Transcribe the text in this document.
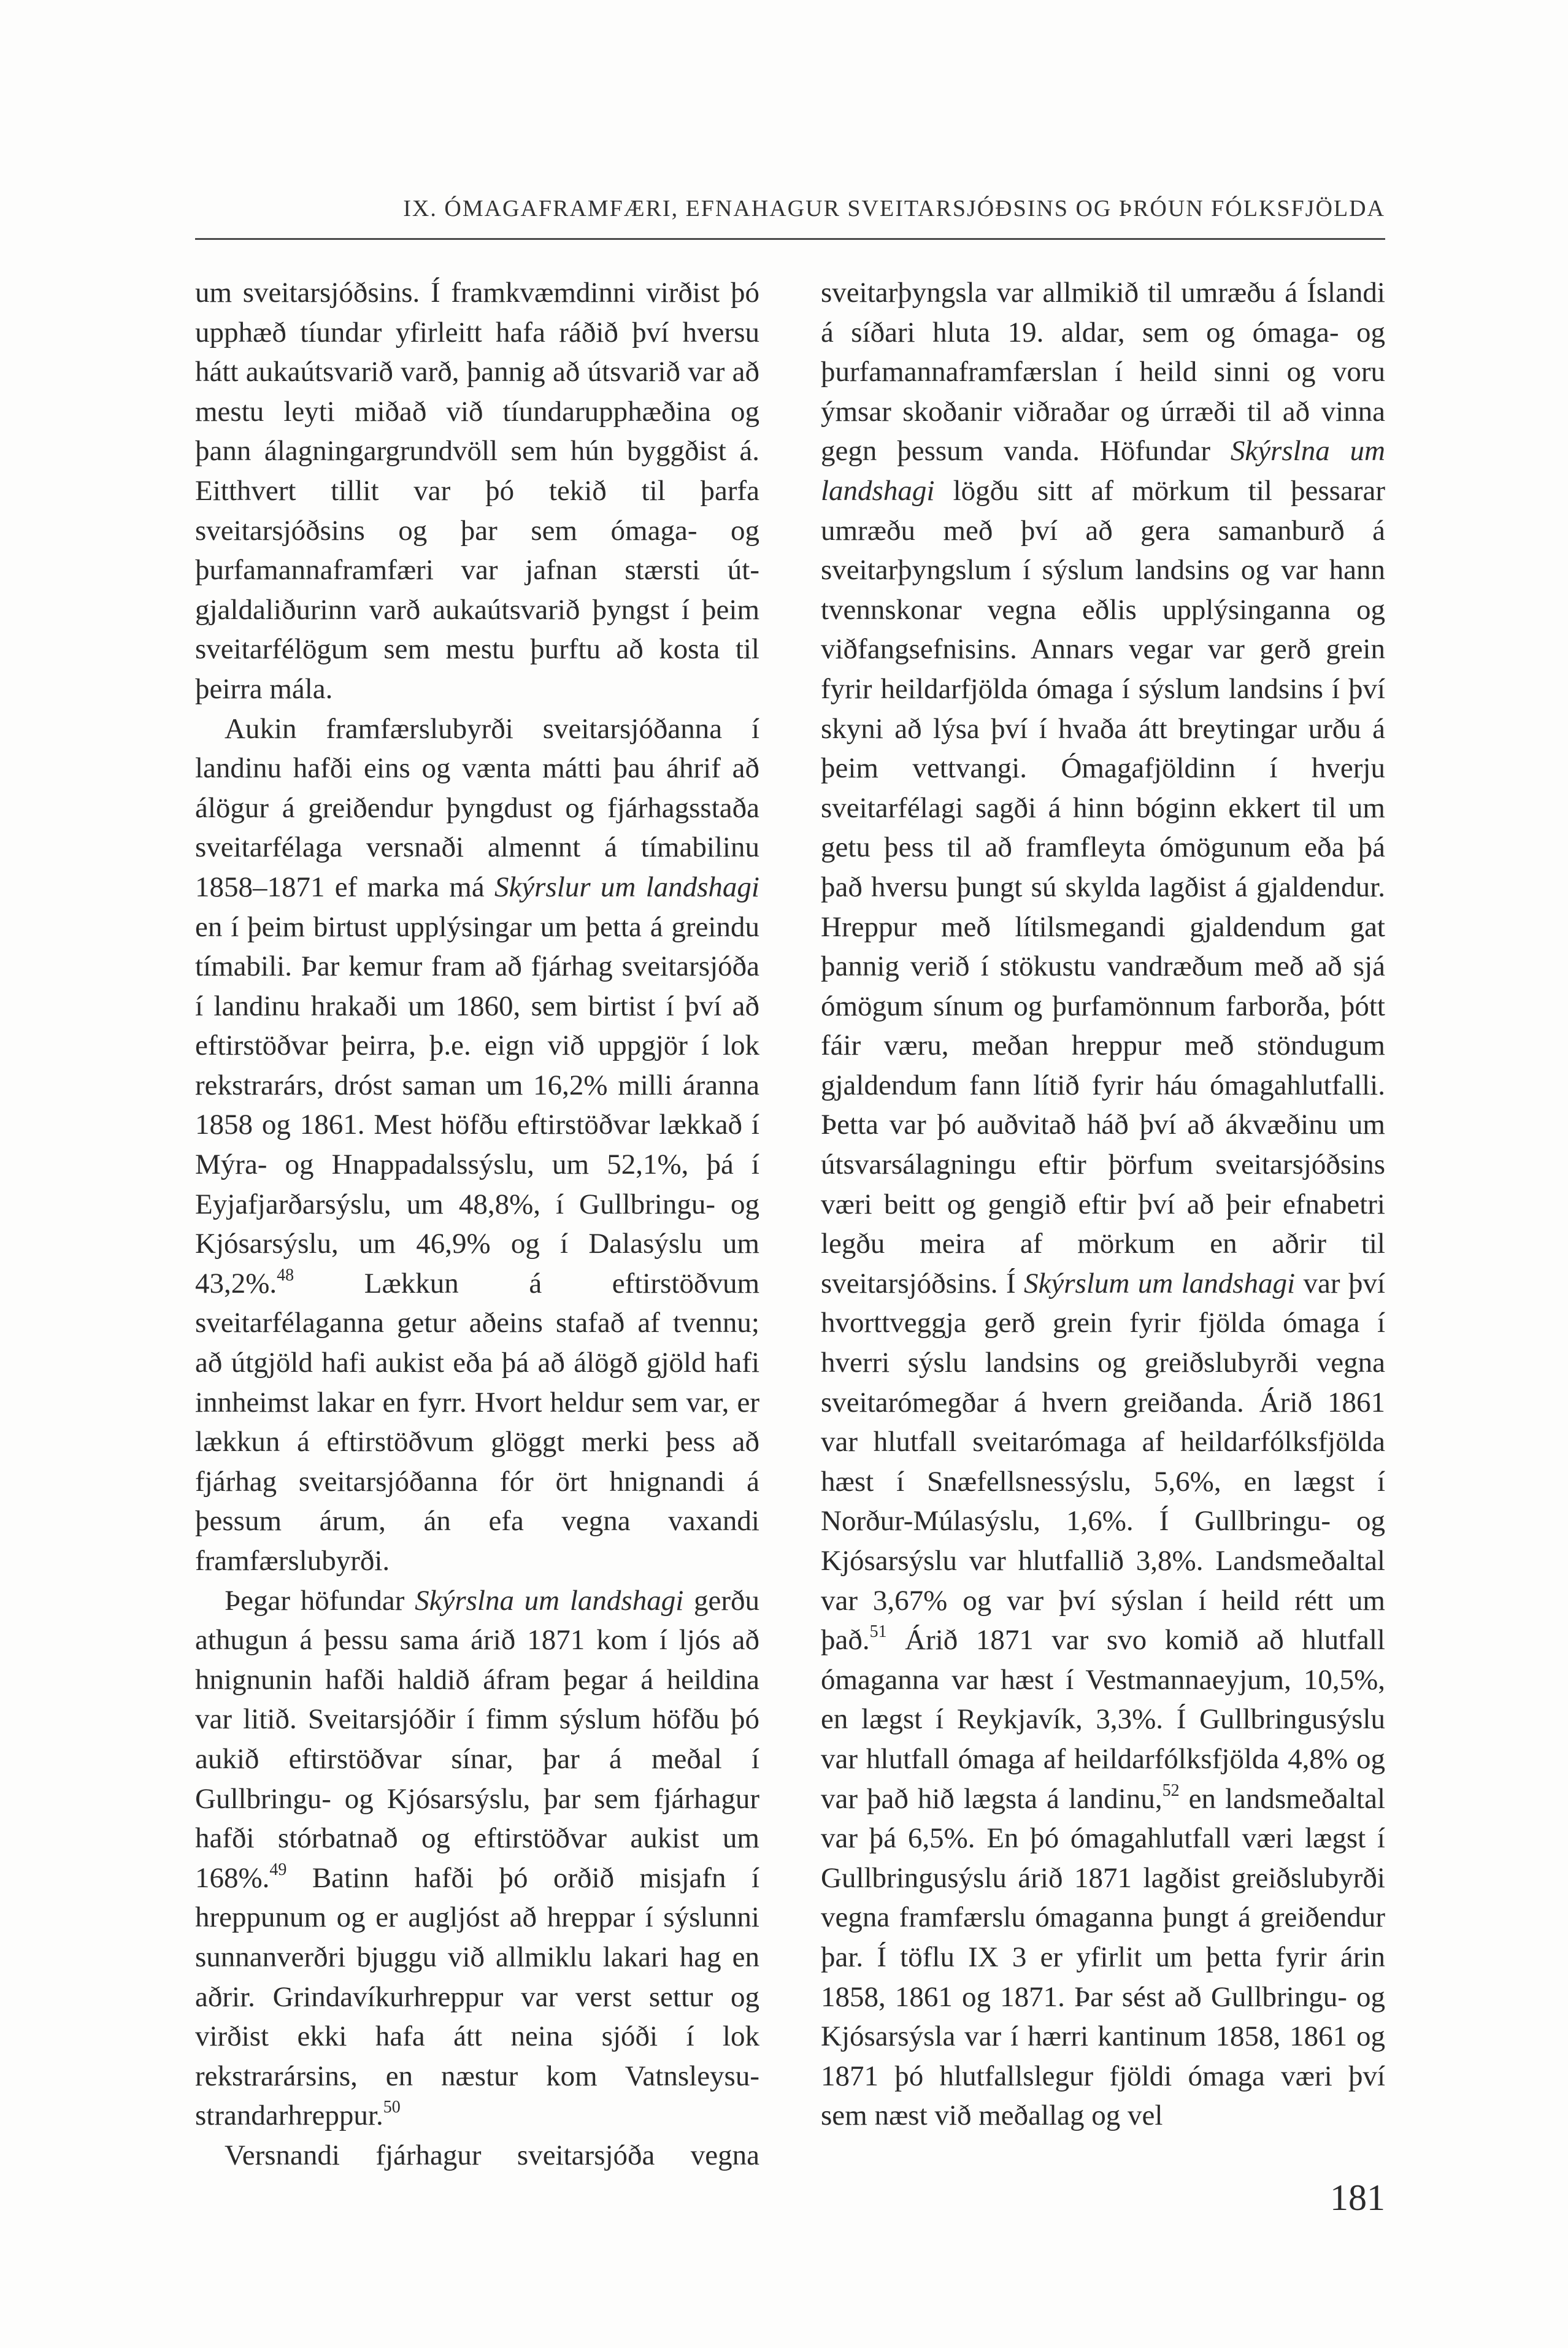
IX. ÓMAGAFRAMFÆRI, EFNAHAGUR SVEITARSJÓÐSINS OG ÞRÓUN FÓLKSFJÖLDA

um sveitarsjóðsins. Í framkvæmdinni virðist þó upphæð tíundar yfirleitt hafa ráðið því hversu hátt aukaútsvarið varð, þannig að útsvarið var að mestu leyti miðað við tíundarupphæðina og þann álagningargrundvöll sem hún byggðist á. Eitthvert tillit var þó tekið til þarfa sveitarsjóðsins og þar sem ómaga- og þurfamannaframfæri var jafnan stærsti útgjaldaliðurinn varð aukaútsvarið þyngst í þeim sveitarfélögum sem mestu þurftu að kosta til þeirra mála.

Aukin framfærslubyrði sveitarsjóðanna í landinu hafði eins og vænta mátti þau áhrif að álögur á greiðendur þyngdust og fjárhagsstaða sveitarfélaga versnaði almennt á tímabilinu 1858–1871 ef marka má Skýrslur um landshagi en í þeim birtust upplýsingar um þetta á greindu tímabili. Þar kemur fram að fjárhag sveitarsjóða í landinu hrakaði um 1860, sem birtist í því að eftirstöðvar þeirra, þ.e. eign við uppgjör í lok rekstrarárs, dróst saman um 16,2% milli áranna 1858 og 1861. Mest höfðu eftirstöðvar lækkað í Mýra- og Hnappadalssýslu, um 52,1%, þá í Eyjafjarðarsýslu, um 48,8%, í Gullbringu- og Kjósarsýslu, um 46,9% og í Dalasýslu um 43,2%.$^{48}$ Lækkun á eftirstöðvum sveitarfélaganna getur aðeins stafað af tvennu; að útgjöld hafi aukist eða þá að álögð gjöld hafi innheimst lakar en fyrr. Hvort heldur sem var, er lækkun á eftirstöðvum glöggt merki þess að fjárhag sveitarsjóðanna fór ört hnignandi á þessum árum, án efa vegna vaxandi framfærslubyrði.

Þegar höfundar Skýrslna um landshagi gerðu athugun á þessu sama árið 1871 kom í ljós að hnignunin hafði haldið áfram þegar á heildina var litið. Sveitarsjóðir í fimm sýslum höfðu þó aukið eftirstöðvar sínar, þar á meðal í Gullbringu- og Kjósarsýslu, þar sem fjárhagur hafði stórbatnað og eftirstöðvar aukist um 168%.$^{49}$ Batinn hafði þó orðið misjafn í hreppunum og er augljóst að hreppar í sýslunni sunnanverðri bjuggu við allmiklu lakari hag en aðrir. Grindavíkurhreppur var verst settur og virðist ekki hafa átt neina sjóði í lok rekstrarársins, en næstur kom Vatnsleysustrandarhreppur.$^{50}$

Versnandi fjárhagur sveitarsjóða vegna

sveitarþyngsla var allmikið til umræðu á Íslandi á síðari hluta 19. aldar, sem og ómaga- og þurfamannaframfærslan í heild sinni og voru ýmsar skoðanir viðraðar og úrræði til að vinna gegn þessum vanda. Höfundar Skýrslna um landshagi lögðu sitt af mörkum til þessarar umræðu með því að gera samanburð á sveitarþyngslum í sýslum landsins og var hann tvennskonar vegna eðlis upplýsinganna og viðfangsefnisins. Annars vegar var gerð grein fyrir heildarfjölda ómaga í sýslum landsins í því skyni að lýsa því í hvaða átt breytingar urðu á þeim vettvangi. Ómagafjöldinn í hverju sveitarfélagi sagði á hinn bóginn ekkert til um getu þess til að framfleyta ómögunum eða þá það hversu þungt sú skylda lagðist á gjaldendur. Hreppur með lítilsmegandi gjaldendum gat þannig verið í stökustu vandræðum með að sjá ómögum sínum og þurfamönnum farborða, þótt fáir væru, meðan hreppur með stöndugum gjaldendum fann lítið fyrir háu ómagahlutfalli. Þetta var þó auðvitað háð því að ákvæðinu um útsvarsálagningu eftir þörfum sveitarsjóðsins væri beitt og gengið eftir því að þeir efnabetri legðu meira af mörkum en aðrir til sveitarsjóðsins. Í Skýrslum um landshagi var því hvorttveggja gerð grein fyrir fjölda ómaga í hverri sýslu landsins og greiðslubyrði vegna sveitarómegðar á hvern greiðanda. Árið 1861 var hlutfall sveitarómaga af heildarfólksfjölda hæst í Snæfellsnessýslu, 5,6%, en lægst í Norður-Múlasýslu, 1,6%. Í Gullbringu- og Kjósarsýslu var hlutfallið 3,8%. Landsmeðaltal var 3,67% og var því sýslan í heild rétt um það.$^{51}$ Árið 1871 var svo komið að hlutfall ómaganna var hæst í Vestmannaeyjum, 10,5%, en lægst í Reykjavík, 3,3%. Í Gullbringusýslu var hlutfall ómaga af heildarfólksfjölda 4,8% og var það hið lægsta á landinu,$^{52}$ en landsmeðaltal var þá 6,5%. En þó ómagahlutfall væri lægst í Gullbringusýslu árið 1871 lagðist greiðslubyrði vegna framfærslu ómaganna þungt á greiðendur þar. Í töflu IX 3 er yfirlit um þetta fyrir árin 1858, 1861 og 1871. Þar sést að Gullbringu- og Kjósarsýsla var í hærri kantinum 1858, 1861 og 1871 þó hlutfallslegur fjöldi ómaga væri því sem næst við meðallag og vel

181
